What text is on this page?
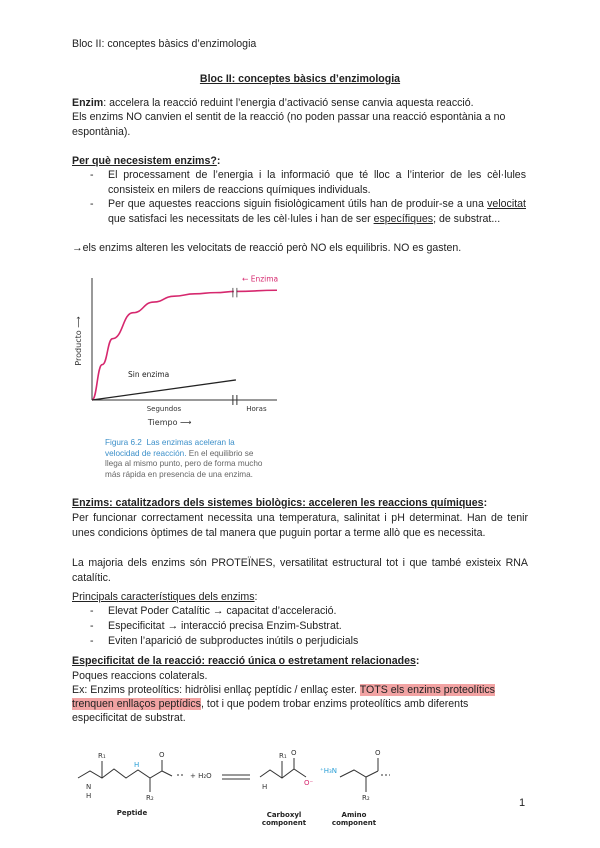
Bloc II: conceptes bàsics d’enzimologia
Bloc II: conceptes bàsics d’enzimologia
Enzim: accelera la reacció reduint l’energia d’activació sense canvia aquesta reacció.
Els enzims NO canvien el sentit de la reacció (no poden passar una reacció espontània a no espontània).
Per què necesistem enzims?:
- El processament de l’energia i la informació que té lloc a l’interior de les cèl·lules consisteix en milers de reaccions químiques individuals.
- Per que aquestes reaccions siguin fisiològicament útils han de produir-se a una velocitat que satisfaci les necessitats de les cèl·lules i han de ser específiques; de substrat...
→els enzims alteren les velocitats de reacció però NO els equilibris. NO es gasten.
← Enzima
Sin enzima
Segundos	Horas
Tiempo ⟶
Producto ⟶
Figura 6.2 Las enzimas aceleran la
velocidad de reacción. En el equilibrio se
llega al mismo punto, pero de forma mucho
más rápida en presencia de una enzima.
Enzims: catalitzadors dels sistemes biològics: acceleren les reaccions químiques:
Per funcionar correctament necessita una temperatura, salinitat i pH determinat. Han de tenir unes condicions òptimes de tal manera que puguin portar a terme allò que es necessita.
La majoria dels enzims són PROTEÏNES, versatilitat estructural tot i que també existeix RNA catalític.
Principals característiques dels enzims:
- Elevat Poder Catalític → capacitat d’acceleració.
- Especificitat → interacció precisa Enzim-Substrat.
- Eviten l’aparició de subproductes inútils o perjudicials
Especificitat de la reacció: reacció única o estretament relacionades:
Poques reaccions colaterals.
Ex: Enzims proteolítics: hidròlisi enllaç peptídic / enllaç ester. TOTS els enzims proteolítics
trenquen enllaços peptídics, tot i que podem trobar enzims proteolítics amb diferents
especificitat de substrat.
R₁	O
R₂
N
H
H
+ H₂O
R₁ O
O⁻
⁺H₃N
R₂
O
H
Peptide	Carboxyl
component
Amino
component
1
